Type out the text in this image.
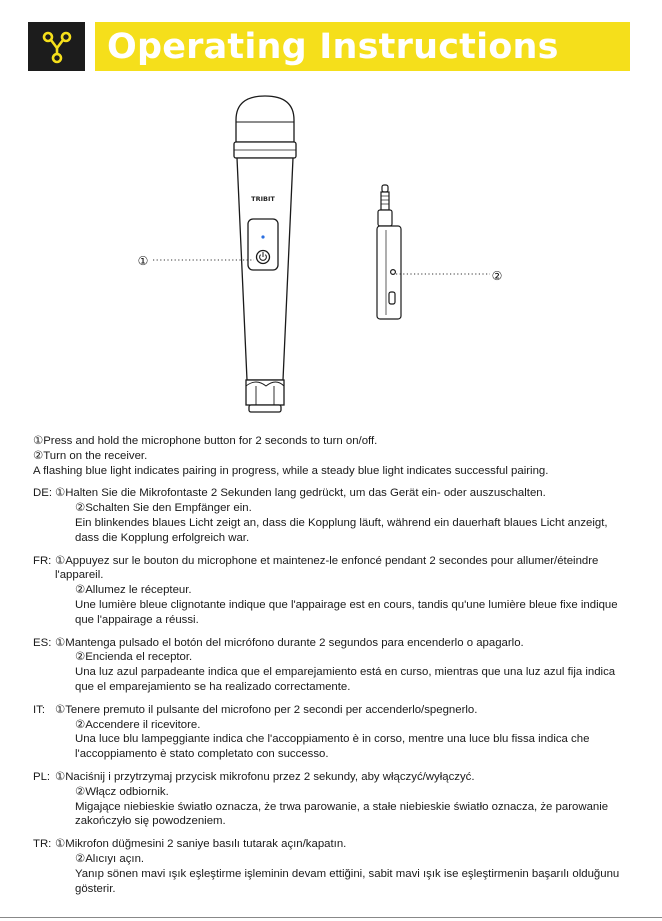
Operating Instructions
TRIBIT
①
②

①Press and hold the microphone button for 2 seconds to turn on/off.

②Turn on the receiver.

A flashing blue light indicates pairing in progress, while a steady blue light indicates successful pairing.

DE: ①Halten Sie die Mikrofontaste 2 Sekunden lang gedrückt, um das Gerät ein- oder auszuschalten.

②Schalten Sie den Empfänger ein.

Ein blinkendes blaues Licht zeigt an, dass die Kopplung läuft, während ein dauerhaft blaues Licht anzeigt, dass die Kopplung erfolgreich war.

FR: ①Appuyez sur le bouton du microphone et maintenez-le enfoncé pendant 2 secondes pour allumer/éteindre l'appareil.

②Allumez le récepteur.

Une lumière bleue clignotante indique que l'appairage est en cours, tandis qu'une lumière bleue fixe indique que l'appairage a réussi.

ES: ①Mantenga pulsado el botón del micrófono durante 2 segundos para encenderlo o apagarlo.

②Encienda el receptor.

Una luz azul parpadeante indica que el emparejamiento está en curso, mientras que una luz azul fija indica que el emparejamiento se ha realizado correctamente.

IT: ①Tenere premuto il pulsante del microfono per 2 secondi per accenderlo/spegnerlo.

②Accendere il ricevitore.

Una luce blu lampeggiante indica che l'accoppiamento è in corso, mentre una luce blu fissa indica che l'accoppiamento è stato completato con successo.

PL: ①Naciśnij i przytrzymaj przycisk mikrofonu przez 2 sekundy, aby włączyć/wyłączyć.

②Włącz odbiornik.

Migające niebieskie światło oznacza, że trwa parowanie, a stałe niebieskie światło oznacza, że parowanie zakończyło się powodzeniem.

TR: ①Mikrofon düğmesini 2 saniye basılı tutarak açın/kapatın.

②Alıcıyı açın.

Yanıp sönen mavi ışık eşleştirme işleminin devam ettiğini, sabit mavi ışık ise eşleştirmenin başarılı olduğunu gösterir.
